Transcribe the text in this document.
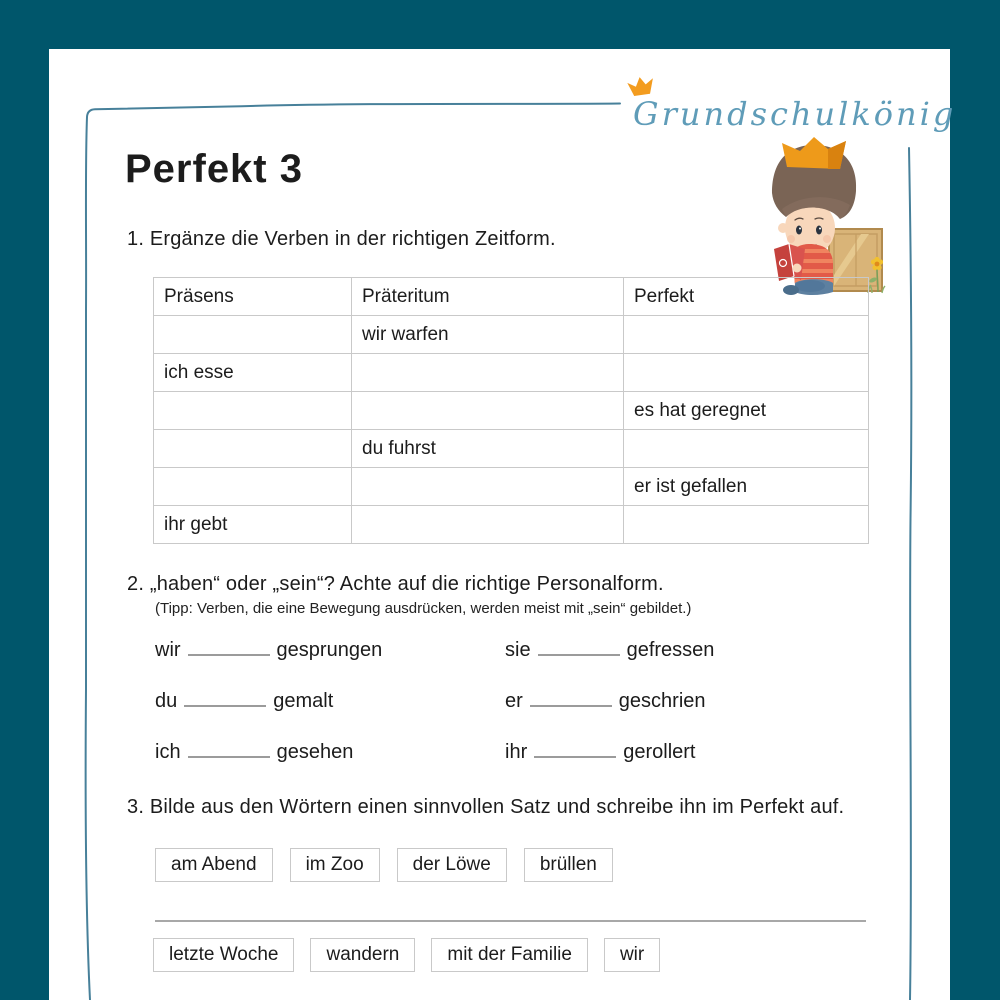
Grundschulkönig
Perfekt 3
1. Ergänze die Verben in der richtigen Zeitform.
Präsens	Präteritum	Perfekt
	wir warfen	
ich esse		
		es hat geregnet
	du fuhrst	
		er ist gefallen
ihr gebt		
2. „haben“ oder „sein“? Achte auf die richtige Personalform.
(Tipp: Verben, die eine Bewegung ausdrücken, werden meist mit „sein“ gebildet.)
wir	gesprungen
du	gemalt
ich	gesehen
sie	gefressen
er	geschrien
ihr	gerollert
3. Bilde aus den Wörtern einen sinnvollen Satz und schreibe ihn im Perfekt auf.
am Abend	im Zoo	der Löwe	brüllen
letzte Woche	wandern	mit der Familie	wir
